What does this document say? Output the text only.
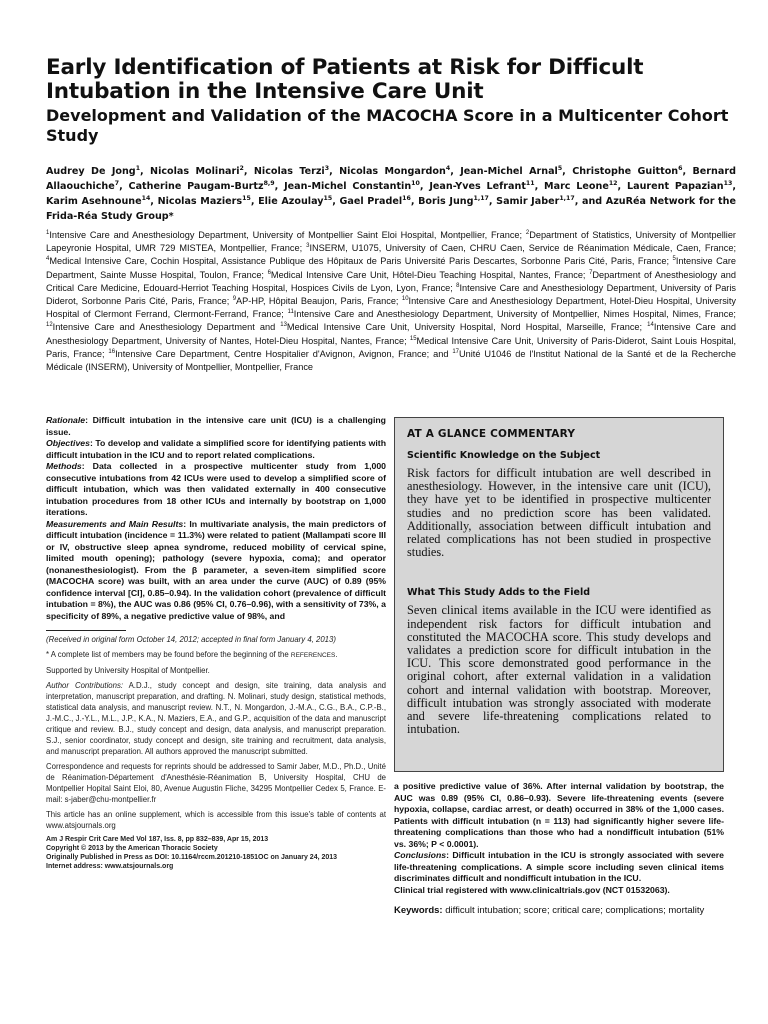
Early Identification of Patients at Risk for Difficult Intubation in the Intensive Care Unit
Development and Validation of the MACOCHA Score in a Multicenter Cohort Study
Audrey De Jong$^1$, Nicolas Molinari$^2$, Nicolas Terzi$^3$, Nicolas Mongardon$^4$, Jean-Michel Arnal$^5$, Christophe Guitton$^6$, Bernard Allaouchiche$^7$, Catherine Paugam-Burtz$^{8,9}$, Jean-Michel Constantin$^{10}$, Jean-Yves Lefrant$^{11}$, Marc Leone$^{12}$, Laurent Papazian$^{13}$, Karim Asehnoune$^{14}$, Nicolas Maziers$^{15}$, Elie Azoulay$^{15}$, Gael Pradel$^{16}$, Boris Jung$^{1,17}$, Samir Jaber$^{1,17}$, and AzuRéa Network for the Frida-Réa Study Group*
$^1$Intensive Care and Anesthesiology Department, University of Montpellier Saint Eloi Hospital, Montpellier, France; $^2$Department of Statistics, University of Montpellier Lapeyronie Hospital, UMR 729 MISTEA, Montpellier, France; $^3$INSERM, U1075, University of Caen, CHRU Caen, Service de Réanimation Médicale, Caen, France; $^4$Medical Intensive Care, Cochin Hospital, Assistance Publique des Hôpitaux de Paris Université Paris Descartes, Sorbonne Paris Cité, Paris, France; $^5$Intensive Care Department, Sainte Musse Hospital, Toulon, France; $^6$Medical Intensive Care Unit, Hôtel-Dieu Teaching Hospital, Nantes, France; $^7$Department of Anesthesiology and Critical Care Medicine, Edouard-Herriot Teaching Hospital, Hospices Civils de Lyon, Lyon, France; $^8$Intensive Care and Anesthesiology Department, University of Paris Diderot, Sorbonne Paris Cité, Paris, France; $^9$AP-HP, Hôpital Beaujon, Paris, France; $^{10}$Intensive Care and Anesthesiology Department, Hotel-Dieu Hospital, University Hospital of Clermont Ferrand, Clermont-Ferrand, France; $^{11}$Intensive Care and Anesthesiology Department, University of Montpellier, Nimes Hospital, Nimes, France; $^{12}$Intensive Care and Anesthesiology Department and $^{13}$Medical Intensive Care Unit, University Hospital, Nord Hospital, Marseille, France; $^{14}$Intensive Care and Anesthesiology Department, University of Nantes, Hotel-Dieu Hospital, Nantes, France; $^{15}$Medical Intensive Care Unit, University of Paris-Diderot, Saint Louis Hospital, Paris, France; $^{16}$Intensive Care Department, Centre Hospitalier d'Avignon, Avignon, France; and $^{17}$Unité U1046 de l'Institut National de la Santé et de la Recherche Médicale (INSERM), University of Montpellier, Montpellier, France
Rationale: Difficult intubation in the intensive care unit (ICU) is a challenging issue.
Objectives: To develop and validate a simplified score for identifying patients with difficult intubation in the ICU and to report related complications.
Methods: Data collected in a prospective multicenter study from 1,000 consecutive intubations from 42 ICUs were used to develop a simplified score of difficult intubation, which was then validated externally in 400 consecutive intubation procedures from 18 other ICUs and internally by bootstrap on 1,000 iterations.
Measurements and Main Results: In multivariate analysis, the main predictors of difficult intubation (incidence = 11.3%) were related to patient (Mallampati score III or IV, obstructive sleep apnea syndrome, reduced mobility of cervical spine, limited mouth opening); pathology (severe hypoxia, coma); and operator (nonanesthesiologist). From the β parameter, a seven-item simplified score (MACOCHA score) was built, with an area under the curve (AUC) of 0.89 (95% confidence interval [CI], 0.85–0.94). In the validation cohort (prevalence of difficult intubation = 8%), the AUC was 0.86 (95% CI, 0.76–0.96), with a sensitivity of 73%, a specificity of 89%, a negative predictive value of 98%, and

(Received in original form October 14, 2012; accepted in final form January 4, 2013)

* A complete list of members may be found before the beginning of the REFERENCES.

Supported by University Hospital of Montpellier.

Author Contributions: A.D.J., study concept and design, site training, data analysis and interpretation, manuscript preparation, and drafting. N. Molinari, study design, statistical methods, statistical data analysis, and manuscript review. N.T., N. Mongardon, J.-M.A., C.G., B.A., C.P.-B., J.-M.C., J.-Y.L., M.L., J.P., K.A., N. Maziers, E.A., and G.P., acquisition of the data and manuscript critique and review. B.J., study concept and design, data analysis, and manuscript preparation. S.J., senior coordinator, study concept and design, site training and recruitment, data analysis, and manuscript preparation. All authors approved the manuscript submitted.

Correspondence and requests for reprints should be addressed to Samir Jaber, M.D., Ph.D., Unité de Réanimation-Département d'Anesthésie-Réanimation B, University Hospital, CHU de Montpellier Hopital Saint Eloi, 80, Avenue Augustin Fliche, 34295 Montpellier Cedex 5, France. E-mail: s-jaber@chu-montpellier.fr

This article has an online supplement, which is accessible from this issue's table of contents at www.atsjournals.org

Am J Respir Crit Care Med Vol 187, Iss. 8, pp 832–839, Apr 15, 2013
Copyright © 2013 by the American Thoracic Society
Originally Published in Press as DOI: 10.1164/rccm.201210-1851OC on January 24, 2013
Internet address: www.atsjournals.org
AT A GLANCE COMMENTARY
Scientific Knowledge on the Subject
Risk factors for difficult intubation are well described in anesthesiology. However, in the intensive care unit (ICU), they have yet to be identified in prospective multicenter studies and no prediction score has been validated. Additionally, association between difficult intubation and related complications has not been studied in prospective studies.
What This Study Adds to the Field
Seven clinical items available in the ICU were identified as independent risk factors for difficult intubation and constituted the MACOCHA score. This study develops and validates a prediction score for difficult intubation in the ICU. This score demonstrated good performance in the original cohort, after external validation in a validation cohort and internal validation with bootstrap. Moreover, difficult intubation was strongly associated with moderate and severe life-threatening complications related to intubation.
a positive predictive value of 36%. After internal validation by bootstrap, the AUC was 0.89 (95% CI, 0.86–0.93). Severe life-threatening events (severe hypoxia, collapse, cardiac arrest, or death) occurred in 38% of the 1,000 cases. Patients with difficult intubation (n = 113) had significantly higher severe life-threatening complications than those who had a nondifficult intubation (51% vs. 36%; P < 0.0001).
Conclusions: Difficult intubation in the ICU is strongly associated with severe life-threatening complications. A simple score including seven clinical items discriminates difficult and nondifficult intubation in the ICU.
Clinical trial registered with www.clinicaltrials.gov (NCT 01532063).
Keywords: difficult intubation; score; critical care; complications; mortality
